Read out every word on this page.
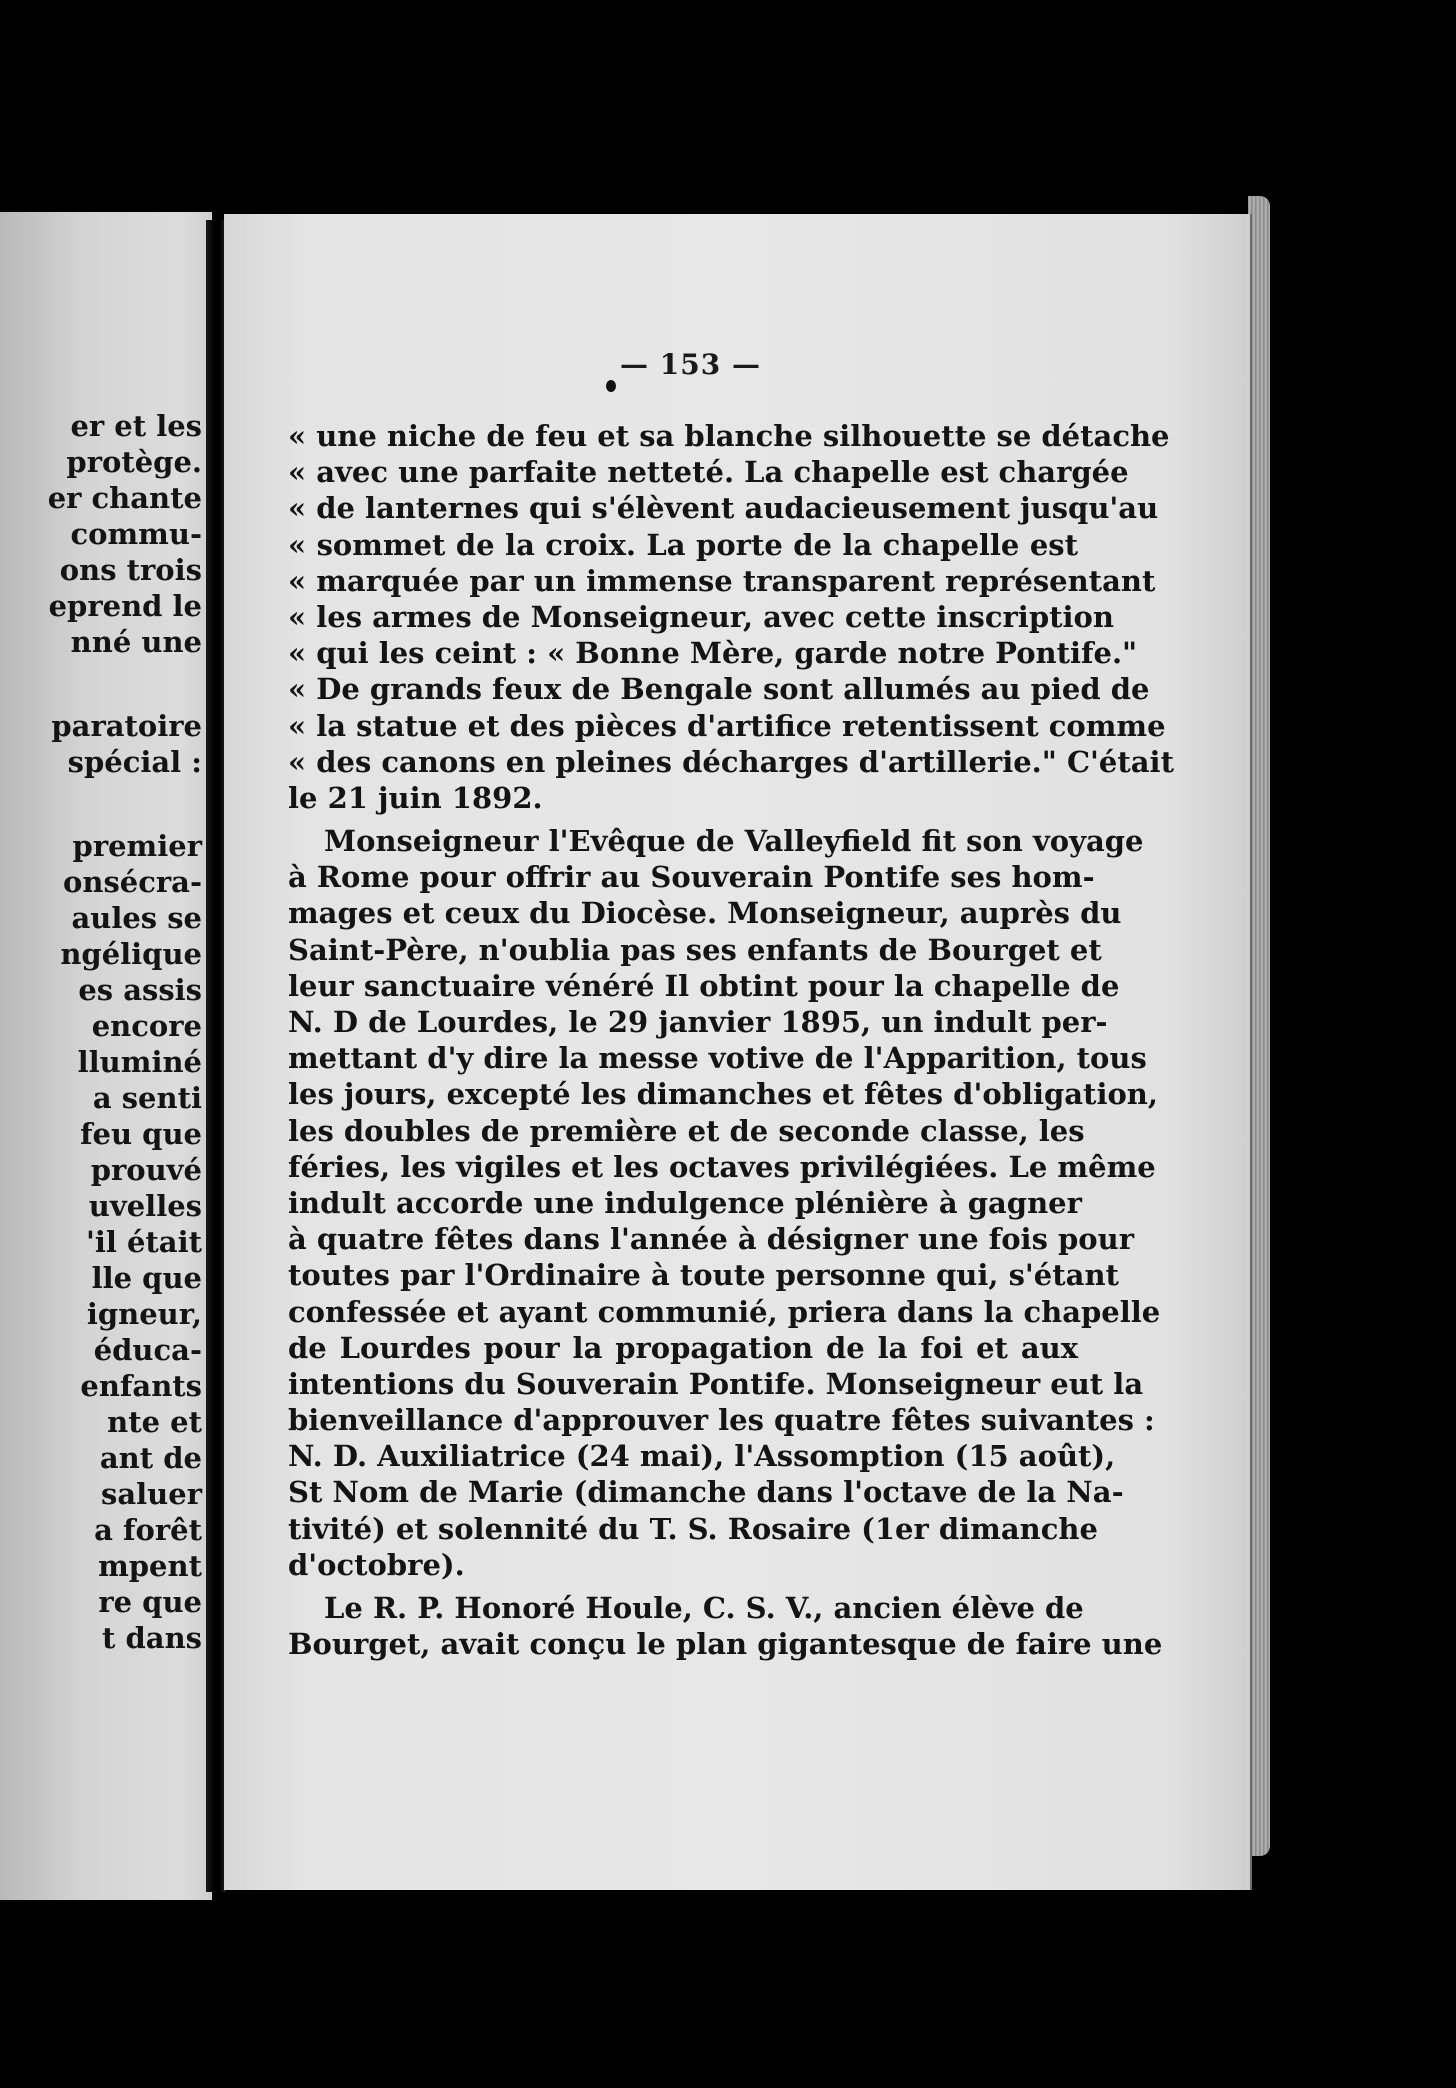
er et les
protège.
er chante
commu-
ons trois
eprend le
nné une
paratoire
spécial :
premier
onsécra-
aules se
ngélique
es assis
encore
lluminé
a senti
feu que
prouvé
uvelles
'il était
lle que
igneur,
éduca-
enfants
nte et
ant de
saluer
a forêt
mpent
re que
t dans
— 153 —
« une niche de feu et sa blanche silhouette se détache
« avec une parfaite netteté. La chapelle est chargée
« de lanternes qui s'élèvent audacieusement jusqu'au
« sommet de la croix. La porte de la chapelle est
« marquée par un immense transparent représentant
« les armes de Monseigneur, avec cette inscription
« qui les ceint : « Bonne Mère, garde notre Pontife."
« De grands feux de Bengale sont allumés au pied de
« la statue et des pièces d'artifice retentissent comme
« des canons en pleines décharges d'artillerie." C'était
le 21 juin 1892.
Monseigneur l'Evêque de Valleyfield fit son voyage
à Rome pour offrir au Souverain Pontife ses hom-
mages et ceux du Diocèse. Monseigneur, auprès du
Saint-Père, n'oublia pas ses enfants de Bourget et
leur sanctuaire vénéré Il obtint pour la chapelle de
N. D de Lourdes, le 29 janvier 1895, un indult per-
mettant d'y dire la messe votive de l'Apparition, tous
les jours, excepté les dimanches et fêtes d'obligation,
les doubles de première et de seconde classe, les
féries, les vigiles et les octaves privilégiées. Le même
indult accorde une indulgence plénière à gagner
à quatre fêtes dans l'année à désigner une fois pour
toutes par l'Ordinaire à toute personne qui, s'étant
confessée et ayant communié, priera dans la chapelle
de Lourdes pour la propagation de la foi et aux
intentions du Souverain Pontife. Monseigneur eut la
bienveillance d'approuver les quatre fêtes suivantes :
N. D. Auxiliatrice (24 mai), l'Assomption (15 août),
St Nom de Marie (dimanche dans l'octave de la Na-
tivité) et solennité du T. S. Rosaire (1er dimanche
d'octobre).
Le R. P. Honoré Houle, C. S. V., ancien élève de
Bourget, avait conçu le plan gigantesque de faire une
